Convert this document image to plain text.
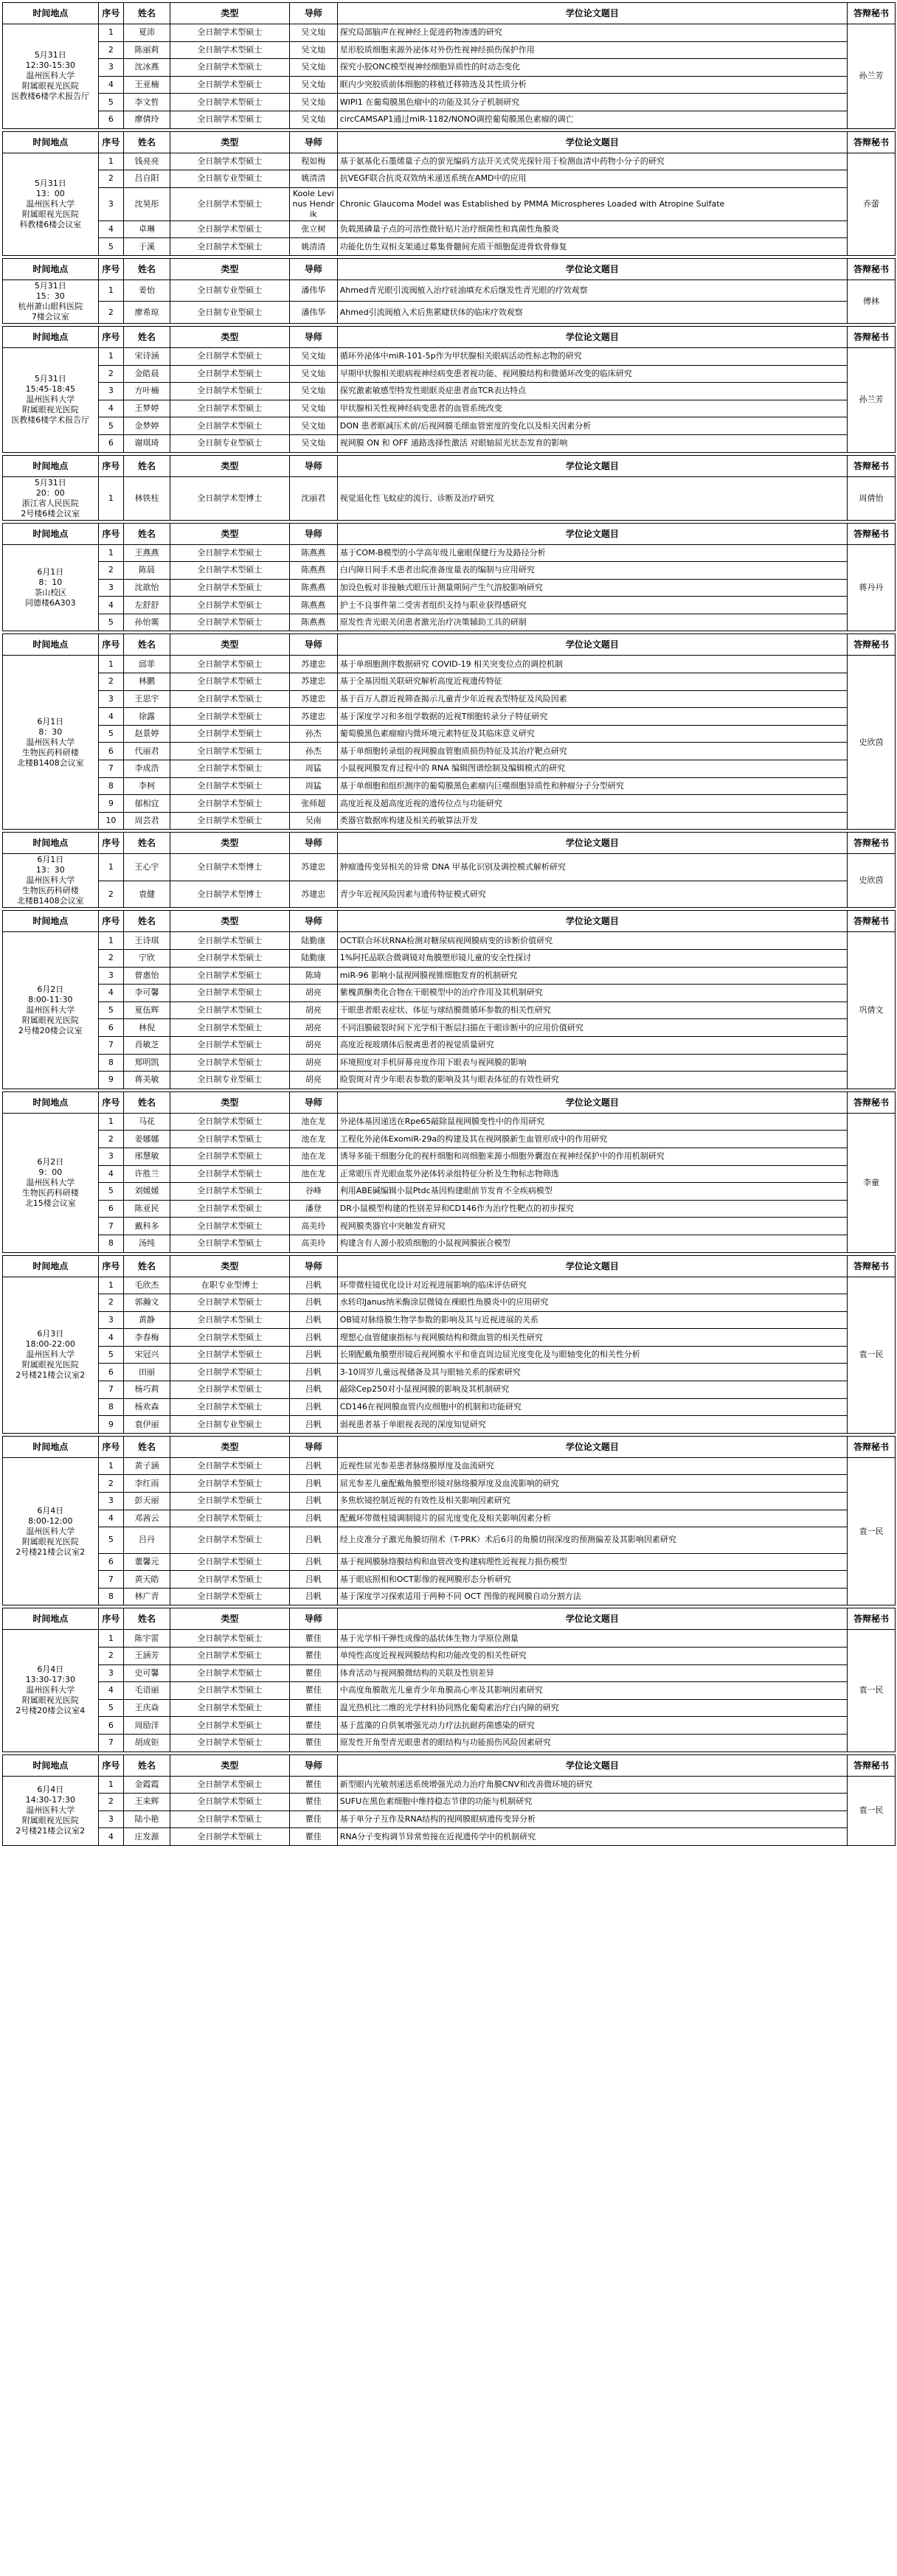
时间地点	序号	姓名	类型	导师	学位论文题目	答辩秘书

5月31日
12:30-15:30
温州医科大学
附属眼视光医院
医教楼6楼学术报告厅	1	夏沛	全日制学术型硕士	吴文灿	探究局部脑声在视神经上促进药物渗透的研究	孙兰芳
	2	陈丽莉	全日制学术型硕士	吴文灿	星形胶质细胞来源外泌体对外伤性视神经损伤保护作用	
	3	沈冰燕	全日制学术型硕士	吴文灿	探究小胶ONC模型视神经细胞异质性的时动态变化	
	4	王亚楠	全日制学术型硕士	吴文灿	眶内少突胶质前体细胞的移植迁移筛选及其性质分析	
	5	李文哲	全日制学术型硕士	吴文灿	WIPI1 在葡萄膜黑色瘤中的功能及其分子机制研究	
	6	廖倩玲	全日制学术型硕士	吴文灿	circCAMSAP1通过miR-1182/NONO调控葡萄膜黑色素瘤的调亡	
时间地点	序号	姓名	类型	导师	学位论文题目	答辩秘书

5月31日
13：00
温州医科大学
附属眼视光医院
科教楼6楼会议室	1	钱亮亮	全日制学术型硕士	程如梅	基于氨基化石墨烯量子点的萤光编码方法开关式荧光探针用于检测血清中药物小分子的研究	乔蕾
	2	吕自阳	全日制专业型硕士	姚清清	抗VEGF联合抗炎双效纳米递送系统在AMD中的应用	
	3	沈昊彤	全日制学术型硕士	Koole Levinus Hendrik	Chronic Glaucoma Model was Established by PMMA Microspheres Loaded with Atropine Sulfate	
	4	卓琳	全日制学术型硕士	张立树	负载黑磷量子点的可溶性微针贴片治疗细菌性和真菌性角膜炎	
	5	于溪	全日制学术型硕士	姚清清	功能化仿生双相支架通过募集骨髓间充质干细胞促进骨软骨修复	
时间地点	序号	姓名	类型	导师	学位论文题目	答辩秘书

5月31日
15：30
杭州萧山眼科医院
7楼会议室	1	姜怡	全日制专业型硕士	潘伟华	Ahmed青光眼引流阀植入治疗硅油填充术后继发性青光眼的疗效观察	傅林
	2	廖希琼	全日制专业型硕士	潘伟华	Ahmed引流阀植入术后焦累睫状体的临床疗效观察	
时间地点	序号	姓名	类型	导师	学位论文题目	答辩秘书

5月31日
15:45-18:45
温州医科大学
附属眼视光医院
医教楼6楼学术报告厅	1	宋诗涵	全日制学术型硕士	吴文灿	循环外泌体中miR-101-5p作为甲状腺相关眼病活动性标志物的研究	孙兰芳
	2	金皓晨	全日制学术型硕士	吴文灿	早期甲状腺相关眼病视神经病变患者视功能、视网膜结构和微循环改变的临床研究	
	3	方叶楠	全日制学术型硕士	吴文灿	探究激素敏感型特发性眼眶炎症患者血TCR表达特点	
	4	王梦婷	全日制学术型硕士	吴文灿	甲状腺相关性视神经病变患者的血管系统改变	
	5	金梦婷	全日制学术型硕士	吴文灿	DON 患者眶减压术前/后视网膜毛细血管密度的变化以及相关因素分析	
	6	谢琪琦	全日制专业型硕士	吴文灿	视网膜 ON 和 OFF 通路选择性激活 对眼轴屈光状态发育的影响	
时间地点	序号	姓名	类型	导师	学位论文题目	答辩秘书

5月31日
20：00
浙江省人民医院
2号楼6楼会议室	1	林铁柱	全日制学术型博士	沈丽君	视觉退化性飞蚊症的流行、诊断及治疗研究	周倩怡
时间地点	序号	姓名	类型	导师	学位论文题目	答辩秘书

6月1日
8：10
茶山校区
同德楼6A303	1	王燕燕	全日制学术型硕士	陈燕燕	基于COM-B模型的小学高年级儿童眼保健行为及路径分析	蒋丹丹
	2	陈晨	全日制学术型硕士	陈燕燕	白内障日间手术患者出院准备度量表的编制与应用研究	
	3	沈歆怡	全日制学术型硕士	陈燕燕	加设色板对非接触式眼压计测量期间产生气溶胶影响研究	
	4	左舒舒	全日制学术型硕士	陈燕燕	护士不良事件第二受害者组织支持与职业获得感研究	
	5	孙怡霙	全日制学术型硕士	陈燕燕	原发性青光眼关闭患者激光治疗决策辅助工具的研制	
时间地点	序号	姓名	类型	导师	学位论文题目	答辩秘书

6月1日
8：30
温州医科大学
生物医药科研楼
北楼B1408会议室	1	邱菲	全日制学术型硕士	苏建忠	基于单细胞测序数据研究 COVID-19 相关突变位点的调控机制	史欣茵
	2	林鹏	全日制学术型硕士	苏建忠	基于全基因组关联研究解析高度近视遗传特征	
	3	王思宇	全日制学术型硕士	苏建忠	基于百万人群近视筛查揭示儿童青少年近视表型特征及风险因素	
	4	徐露	全日制学术型硕士	苏建忠	基于深度学习和多组学数据的近视T细胞转录分子特征研究	
	5	赵景婷	全日制学术型硕士	孙杰	葡萄膜黑色素瘤瘤内微环境元素特征及其临床意义研究	
	6	代丽君	全日制学术型硕士	孙杰	基于单细胞转录组的视网膜血管胞质损伤特征及其治疗靶点研究	
	7	李成浩	全日制学术型硕士	周猛	小鼠视网膜发育过程中的 RNA 编辑图谱绘制及编辑模式的研究	
	8	李柯	全日制学术型硕士	周猛	基于单细胞和组织测序的葡萄膜黑色素瘤内巨噬细胞异质性和肿瘤分子分型研究	
	9	郁相宜	全日制学术型硕士	张师超	高度近视及超高度近视的遗传位点与功能研究	
	10	周芸君	全日制学术型硕士	吴南	类器官数据库构建及相关药敏算法开发	
时间地点	序号	姓名	类型	导师	学位论文题目	答辩秘书

6月1日
13：30
温州医科大学
生物医药科研楼
北楼B1408会议室	1	王心宇	全日制学术型博士	苏建忠	肿瘤遗传变异相关的异常 DNA 甲基化识别及调控模式解析研究	史欣茵
	2	袁健	全日制学术型博士	苏建忠	青少年近视风险因素与遗传特征模式研究	
时间地点	序号	姓名	类型	导师	学位论文题目	答辩秘书

6月2日
8:00-11:30
温州医科大学
附属眼视光医院
2号楼20楼会议室	1	王诗琪	全日制学术型硕士	陆勤康	OCT联合环状RNA检测对糖尿病视网膜病变的诊断价值研究	巩倩文
	2	宁欣	全日制学术型硕士	陆勤康	1%阿托品联合微调镜对角膜塑形镜儿童的安全性探讨	
	3	曾惠怡	全日制学术型硕士	陈琦	miR-96 影响小鼠视网膜视锥细胞发育的机制研究	
	4	李可馨	全日制学术型硕士	胡亮	紫槐黄酮类化合物在干眼模型中的治疗作用及其机制研究	
	5	夏伍辉	全日制学术型硕士	胡亮	干眼患者眼表症状、体征与球结膜微循环参数的相关性研究	
	6	林倪	全日制学术型硕士	胡亮	不同泪膜破裂时间下光学相干断层扫描在干眼诊断中的应用价值研究	
	7	肖敏芝	全日制学术型硕士	胡亮	高度近视玻璃体后脱离患者的视觉质量研究	
	8	郑明凯	全日制学术型硕士	胡亮	环境照度对手机屏幕亮度作用下眼表与视网膜的影响	
	9	蒋美敏	全日制专业型硕士	胡亮	睑裂斑对青少年眼表参数的影响及其与眼表体征的有效性研究	
时间地点	序号	姓名	类型	导师	学位论文题目	答辩秘书

6月2日
9：00
温州医科大学
生物医药科研楼
北15楼会议室	1	马花	全日制学术型硕士	池在龙	外泌体基因递送在Rpe65敲除鼠视网膜变性中的作用研究	李童
	2	姜娜娜	全日制学术型硕士	池在龙	工程化外泌体ExomiR-29a的构建及其在视网膜新生血管形成中的作用研究	
	3	邢慧敏	全日制学术型硕士	池在龙	诱导多能干细胞分化的视杆细胞和周细胞来源小细胞外囊泡在视神经保护中的作用机制研究	
	4	许胜兰	全日制学术型硕士	池在龙	正常眼压青光眼血浆外泌体转录组特征分析及生物标志物筛选	
	5	刘媛媛	全日制学术型硕士	谷峰	利用ABE碱编辑小鼠Ptdc基因构建眼前节发育不全疾病模型	
	6	陈亚民	全日制学术型硕士	潘登	DR小鼠模型构建的性别差异和CD146作为治疗性靶点的初步探究	
	7	戴科多	全日制学术型硕士	高美玲	视网膜类器官中突触发育研究	
	8	汤纯	全日制学术型硕士	高美玲	构建含有人源小胶质细胞的小鼠视网膜嵌合模型	
时间地点	序号	姓名	类型	导师	学位论文题目	答辩秘书

6月3日
18:00-22:00
温州医科大学
附属眼视光医院
2号楼21楼会议室2	1	毛欣杰	在职专业型博士	吕帆	环带微柱镜优化设计对近视进展影响的临床评估研究	袁一民
	2	郭瀚文	全日制学术型硕士	吕帆	水转印Janus纳米酶涂层微镜在裸眼性角膜炎中的应用研究	
	3	黄静	全日制学术型硕士	吕帆	OB镜对脉络膜生物学参数的影响及其与近视进展的关系	
	4	李春梅	全日制学术型硕士	吕帆	理想心血管健康指标与视网膜结构和微血管的相关性研究	
	5	宋冠兴	全日制学术型硕士	吕帆	长期配戴角膜塑形镜后视网膜水平和垂直周边屈光度变化及与眼轴变化的相关性分析	
	6	田丽	全日制学术型硕士	吕帆	3-10周岁儿童远视储备及其与眼轴关系的探索研究	
	7	杨巧莉	全日制学术型硕士	吕帆	敲除Cep250对小鼠视网膜的影响及其机制研究	
	8	杨欢森	全日制学术型硕士	吕帆	CD146在视网膜血管内皮细胞中的机制和功能研究	
	9	袁伊丽	全日制专业型硕士	吕帆	弱视患者基于单眼视表现的深度知觉研究	
时间地点	序号	姓名	类型	导师	学位论文题目	答辩秘书

6月4日
8:00-12:00
温州医科大学
附属眼视光医院
2号楼21楼会议室2	1	黄子涵	全日制学术型硕士	吕帆	近视性屈光参差患者脉络膜厚度及血流研究	袁一民
	2	李红雨	全日制学术型硕士	吕帆	屈光参差儿童配戴角膜塑形镜对脉络膜厚度及血流影响的研究	
	3	彭天丽	全日制学术型硕士	吕帆	多焦软镜控制近视的有效性及相关影响因素研究	
	4	邓茜云	全日制学术型硕士	吕帆	配戴环带微柱镜调制镜片的屈光度变化及相关影响因素分析	
	5	吕丹	全日制学术型硕士	吕帆	经上皮准分子激光角膜切削术（T-PRK）术后6月的角膜切削深度的预测偏差及其影响因素研究	
	6	董馨元	全日制学术型硕士	吕帆	基于视网膜脉络膜结构和血管改变构建病理性近视视力损伤模型	
	7	黄天皓	全日制学术型硕士	吕帆	基于眼底照相和OCT影像的视网膜形态分析研究	
	8	林广青	全日制学术型硕士	吕帆	基于深度学习探索适用于两种不同 OCT 图像的视网膜自动分割方法	
时间地点	序号	姓名	类型	导师	学位论文题目	答辩秘书

6月4日
13:30-17:30
温州医科大学
附属眼视光医院
2号楼20楼会议室4	1	陈宇雷	全日制学术型硕士	瞿佳	基于光学相干弹性成像的晶状体生物力学原位测量	袁一民
	2	王涵芳	全日制学术型硕士	瞿佳	单纯性高度近视视网膜结构和功能改变的相关性研究	
	3	史可馨	全日制学术型硕士	瞿佳	体育活动与视网膜微结构的关联及性别差异	
	4	毛语丽	全日制学术型硕士	瞿佳	中高度角膜散光儿童青少年角膜高心率及其影响因素研究	
	5	王庆焱	全日制学术型硕士	瞿佳	温光热机比二维的光学材料协同熟化葡萄素治疗白内障的研究	
	6	周励洋	全日制学术型硕士	瞿佳	基于蓝藻的自供氧增强光动力疗法抗耐药菌感染的研究	
	7	胡成钜	全日制学术型硕士	瞿佳	原发性开角型青光眼患者的眼结构与功能损伤风险因素研究	
时间地点	序号	姓名	类型	导师	学位论文题目	答辩秘书

6月4日
14:30-17:30
温州医科大学
附属眼视光医院
2号楼21楼会议室2	1	金霞霞	全日制学术型硕士	瞿佳	新型眼内光敏剂递送系统增强光动力治疗角膜CNV和改善微环境的研究	袁一民
	2	王来辉	全日制学术型硕士	瞿佳	SUFU在黑色素细胞中维持稳态节律的功能与机制研究	
	3	陆小艳	全日制学术型硕士	瞿佳	基于单分子互作及RNA结构的视网膜眼病遗传变异分析	
	4	庄发源	全日制学术型硕士	瞿佳	RNA分子变构调节异常剪接在近视遗传学中的机制研究	
